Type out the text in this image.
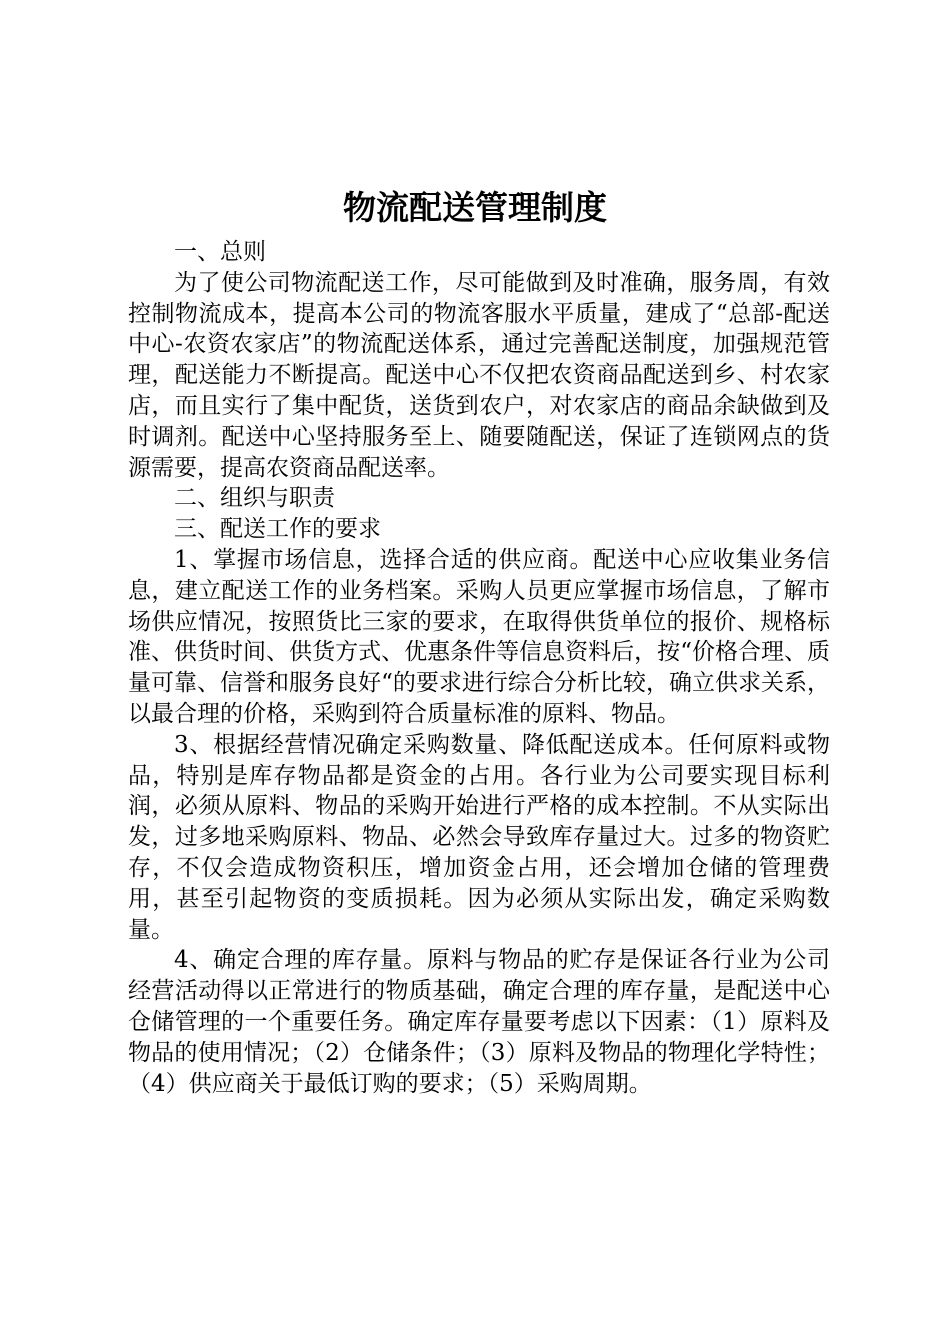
物流配送管理制度

一、总则

为了使公司物流配送工作，尽可能做到及时准确，服务周，有效控制物流成本，提高本公司的物流客服水平质量，建成了“总部-配送中心-农资农家店”的物流配送体系，通过完善配送制度，加强规范管理，配送能力不断提高。配送中心不仅把农资商品配送到乡、村农家店，而且实行了集中配货，送货到农户，对农家店的商品余缺做到及时调剂。配送中心坚持服务至上、随要随配送，保证了连锁网点的货源需要，提高农资商品配送率。

二、组织与职责

三、配送工作的要求

1、掌握市场信息，选择合适的供应商。配送中心应收集业务信息，建立配送工作的业务档案。采购人员更应掌握市场信息，了解市场供应情况，按照货比三家的要求，在取得供货单位的报价、规格标准、供货时间、供货方式、优惠条件等信息资料后，按“价格合理、质量可靠、信誉和服务良好“的要求进行综合分析比较，确立供求关系，以最合理的价格，采购到符合质量标准的原料、物品。

3、根据经营情况确定采购数量、降低配送成本。任何原料或物品，特别是库存物品都是资金的占用。各行业为公司要实现目标利润，必须从原料、物品的采购开始进行严格的成本控制。不从实际出发，过多地采购原料、物品、必然会导致库存量过大。过多的物资贮存，不仅会造成物资积压，增加资金占用，还会增加仓储的管理费用，甚至引起物资的变质损耗。因为必须从实际出发，确定采购数量。

4、确定合理的库存量。原料与物品的贮存是保证各行业为公司经营活动得以正常进行的物质基础，确定合理的库存量，是配送中心仓储管理的一个重要任务。确定库存量要考虑以下因素：（1）原料及物品的使用情况；（2）仓储条件；（3）原料及物品的物理化学特性；（4）供应商关于最低订购的要求；（5）采购周期。
